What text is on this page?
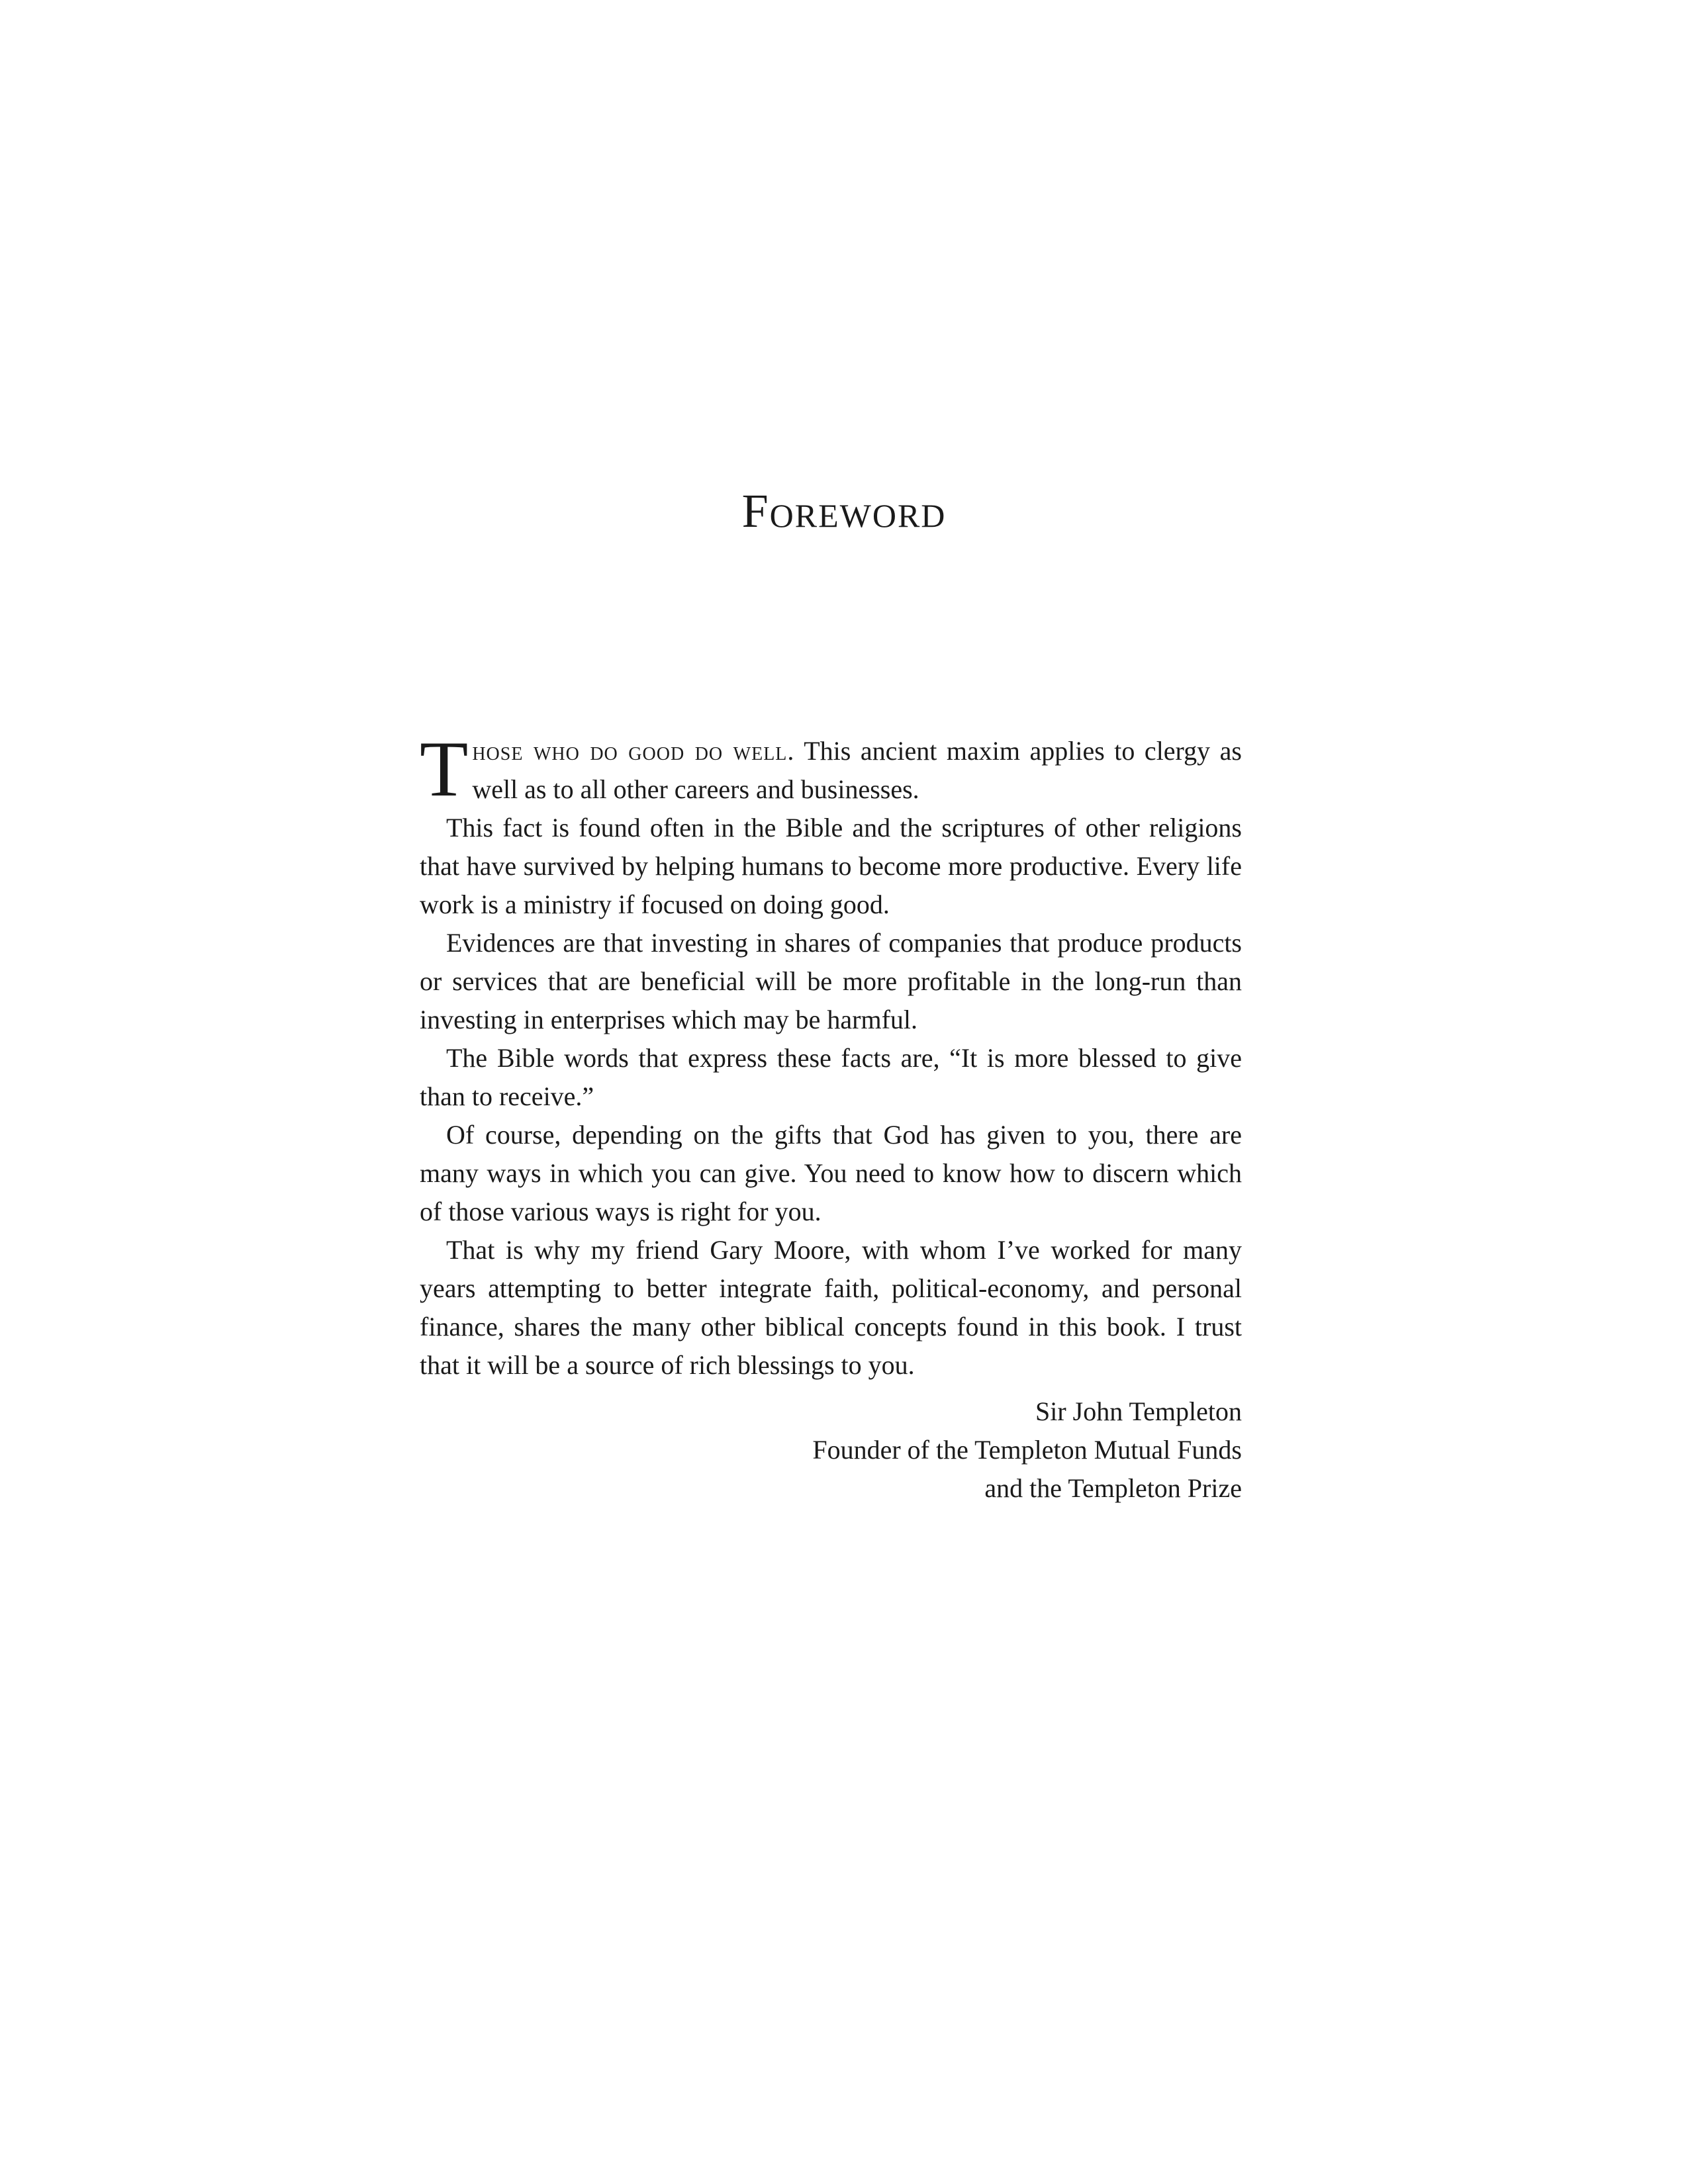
Foreword

Those who do good do well. This ancient maxim applies to clergy as well as to all other careers and businesses.

This fact is found often in the Bible and the scriptures of other religions that have survived by helping humans to become more productive. Every life work is a ministry if focused on doing good.

Evidences are that investing in shares of companies that produce products or services that are beneficial will be more profitable in the long-run than investing in enterprises which may be harmful.

The Bible words that express these facts are, “It is more blessed to give than to receive.”

Of course, depending on the gifts that God has given to you, there are many ways in which you can give. You need to know how to discern which of those various ways is right for you.

That is why my friend Gary Moore, with whom I’ve worked for many years attempting to better integrate faith, political-economy, and personal finance, shares the many other biblical concepts found in this book. I trust that it will be a source of rich blessings to you.

Sir John Templeton
Founder of the Templeton Mutual Funds
and the Templeton Prize
